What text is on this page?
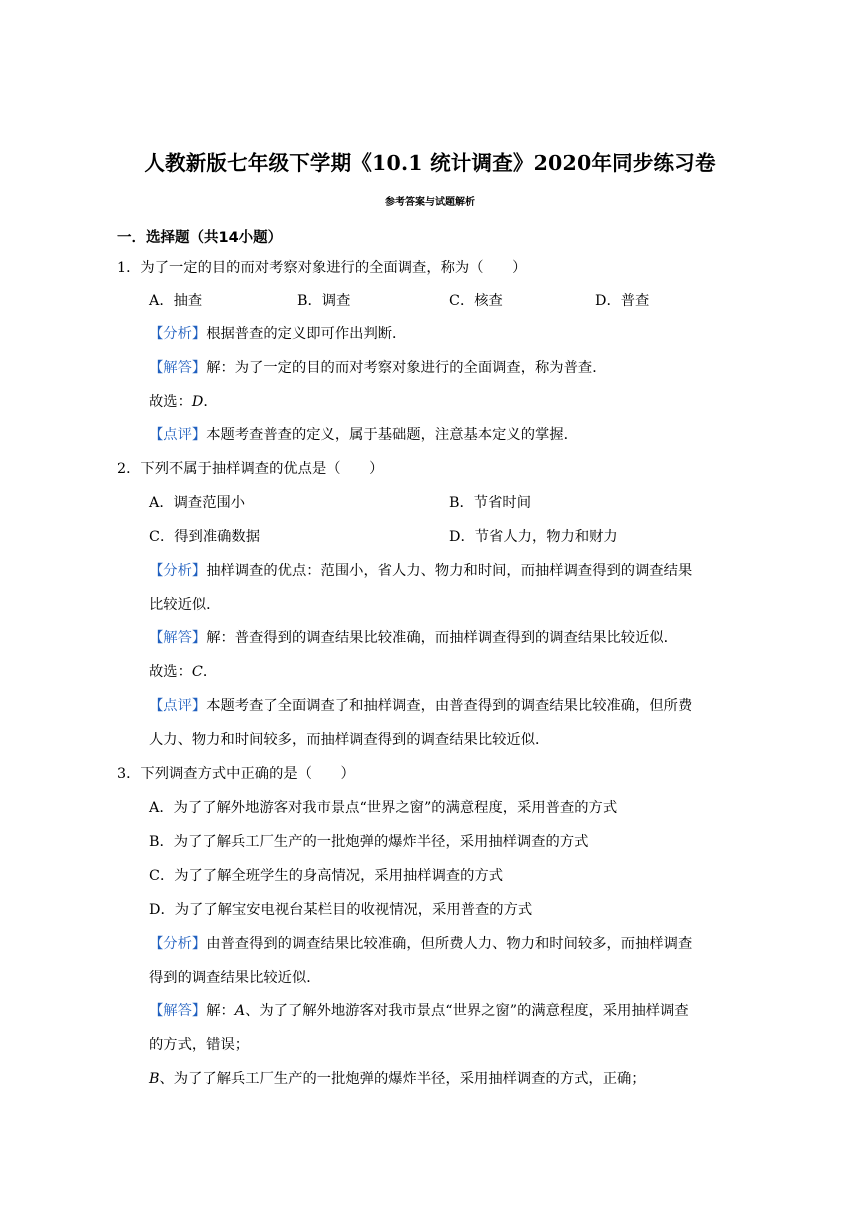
人教新版七年级下学期《10.1 统计调查》2020年同步练习卷
参考答案与试题解析
一．选择题（共14小题）
1．为了一定的目的而对考察对象进行的全面调查，称为（　　）
A．抽查	B．调查	C．核查	D．普查
【分析】根据普查的定义即可作出判断．
【解答】解：为了一定的目的而对考察对象进行的全面调查，称为普查．
故选：D．
【点评】本题考查普查的定义，属于基础题，注意基本定义的掌握．
2．下列不属于抽样调查的优点是（　　）
A．调查范围小	B．节省时间
C．得到准确数据	D．节省人力，物力和财力
【分析】抽样调查的优点：范围小，省人力、物力和时间，而抽样调查得到的调查结果
比较近似．
【解答】解：普查得到的调查结果比较准确，而抽样调查得到的调查结果比较近似．
故选：C．
【点评】本题考查了全面调查了和抽样调查，由普查得到的调查结果比较准确，但所费
人力、物力和时间较多，而抽样调查得到的调查结果比较近似．
3．下列调查方式中正确的是（　　）
A．为了了解外地游客对我市景点“世界之窗”的满意程度，采用普查的方式
B．为了了解兵工厂生产的一批炮弹的爆炸半径，采用抽样调查的方式
C．为了了解全班学生的身高情况，采用抽样调查的方式
D．为了了解宝安电视台某栏目的收视情况，采用普查的方式
【分析】由普查得到的调查结果比较准确，但所费人力、物力和时间较多，而抽样调查
得到的调查结果比较近似．
【解答】解：A、为了了解外地游客对我市景点“世界之窗”的满意程度，采用抽样调查
的方式，错误；
B、为了了解兵工厂生产的一批炮弹的爆炸半径，采用抽样调查的方式，正确；
